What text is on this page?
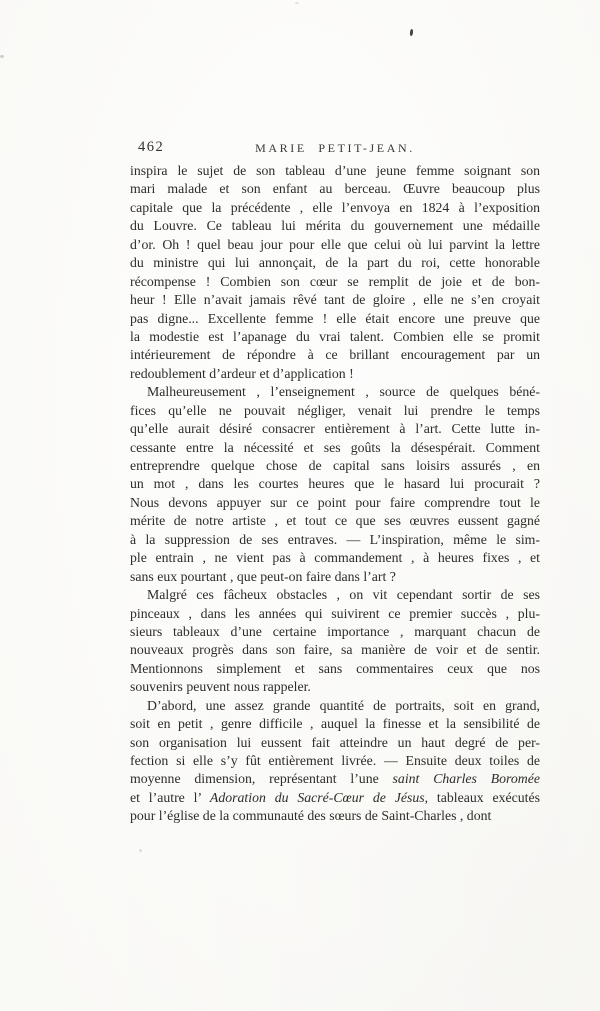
462	MARIE PETIT-JEAN.
inspira le sujet de son tableau d’une jeune femme soignant son
mari malade et son enfant au berceau. Œuvre beaucoup plus
capitale que la précédente , elle l’envoya en 1824 à l’exposition
du Louvre. Ce tableau lui mérita du gouvernement une médaille
d’or. Oh ! quel beau jour pour elle que celui où lui parvint la lettre
du ministre qui lui annonçait, de la part du roi, cette honorable
récompense ! Combien son cœur se remplit de joie et de bon-
heur ! Elle n’avait jamais rêvé tant de gloire , elle ne s’en croyait
pas digne... Excellente femme ! elle était encore une preuve que
la modestie est l’apanage du vrai talent. Combien elle se promit
intérieurement de répondre à ce brillant encouragement par un
redoublement d’ardeur et d’application !
Malheureusement , l’enseignement , source de quelques béné-
fices qu’elle ne pouvait négliger, venait lui prendre le temps
qu’elle aurait désiré consacrer entièrement à l’art. Cette lutte in-
cessante entre la nécessité et ses goûts la désespérait. Comment
entreprendre quelque chose de capital sans loisirs assurés , en
un mot , dans les courtes heures que le hasard lui procurait ?
Nous devons appuyer sur ce point pour faire comprendre tout le
mérite de notre artiste , et tout ce que ses œuvres eussent gagné
à la suppression de ses entraves. — L’inspiration, même le sim-
ple entrain , ne vient pas à commandement , à heures fixes , et
sans eux pourtant , que peut-on faire dans l’art ?
Malgré ces fâcheux obstacles , on vit cependant sortir de ses
pinceaux , dans les années qui suivirent ce premier succès , plu-
sieurs tableaux d’une certaine importance , marquant chacun de
nouveaux progrès dans son faire, sa manière de voir et de sentir.
Mentionnons simplement et sans commentaires ceux que nos
souvenirs peuvent nous rappeler.
D’abord, une assez grande quantité de portraits, soit en grand,
soit en petit , genre difficile , auquel la finesse et la sensibilité de
son organisation lui eussent fait atteindre un haut degré de per-
fection si elle s’y fût entièrement livrée. — Ensuite deux toiles de
moyenne dimension, représentant l’une saint Charles Boromée
et l’autre l’ Adoration du Sacré-Cœur de Jésus, tableaux exécutés
pour l’église de la communauté des sœurs de Saint-Charles , dont
